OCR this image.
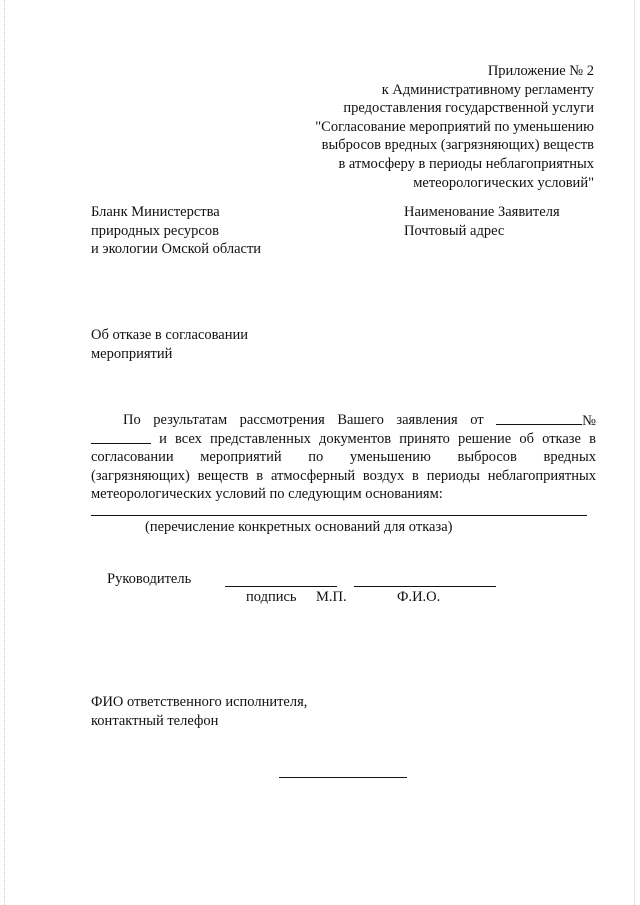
Приложение № 2
к Административному регламенту
предоставления государственной услуги
"Согласование мероприятий по уменьшению
выбросов вредных (загрязняющих) веществ
в атмосферу в периоды неблагоприятных
метеорологических условий"
Бланк Министерства
природных ресурсов
и экологии Омской области
Наименование Заявителя
Почтовый адрес
Об отказе в согласовании
мероприятий
По результатам рассмотрения Вашего заявления от	№
и всех представленных документов принято решение об отказе в
согласовании мероприятий по уменьшению выбросов вредных
(загрязняющих) веществ в атмосферный воздух в периоды неблагоприятных
метеорологических условий по следующим основаниям:
(перечисление конкретных оснований для отказа)
Руководитель
подпись М.П.	Ф.И.О.
ФИО ответственного исполнителя,
контактный телефон
